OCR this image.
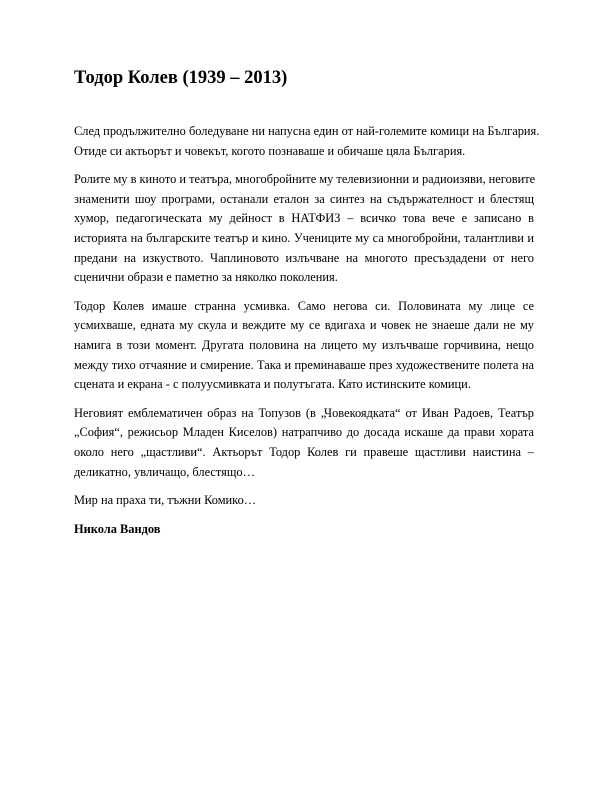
Тодор Колев (1939 – 2013)

След продължително боледуване ни напусна един от най-големите комици на България.
Отиде си актьорът и човекът, когото познаваше и обичаше цяла България.

Ролите му в киното и театъра, многобройните му телевизионни и радиоизяви, неговите
знаменити шоу програми, останали еталон за синтез на съдържателност и блестящ
хумор, педагогическата му дейност в НАТФИЗ – всичко това вече е записано в
историята на българските театър и кино. Учениците му са многобройни, талантливи и
предани на изкуството. Чаплиновото излъчване на многото пресъздадени от него
сценични образи е паметно за няколко поколения.

Тодор Колев имаше странна усмивка. Само негова си. Половината му лице се
усмихваше, едната му скула и веждите му се вдигаха и човек не знаеше дали не му
намига в този момент. Другата половина на лицето му излъчваше горчивина, нещо
между тихо отчаяние и смирение. Така и преминаваше през художествените полета на
сцената и екрана - с полуусмивката и полутъгата. Като истинските комици.

Неговият емблематичен образ на Топузов (в „Човекоядката“ от Иван Радоев, Театър
„София“, режисьор Младен Киселов) натрапчиво до досада искаше да прави хората
около него „щастливи“. Актьорът Тодор Колев ги правеше щастливи наистина –
деликатно, увличащо, блестящо…

Мир на праха ти, тъжни Комико…

Никола Вандов
